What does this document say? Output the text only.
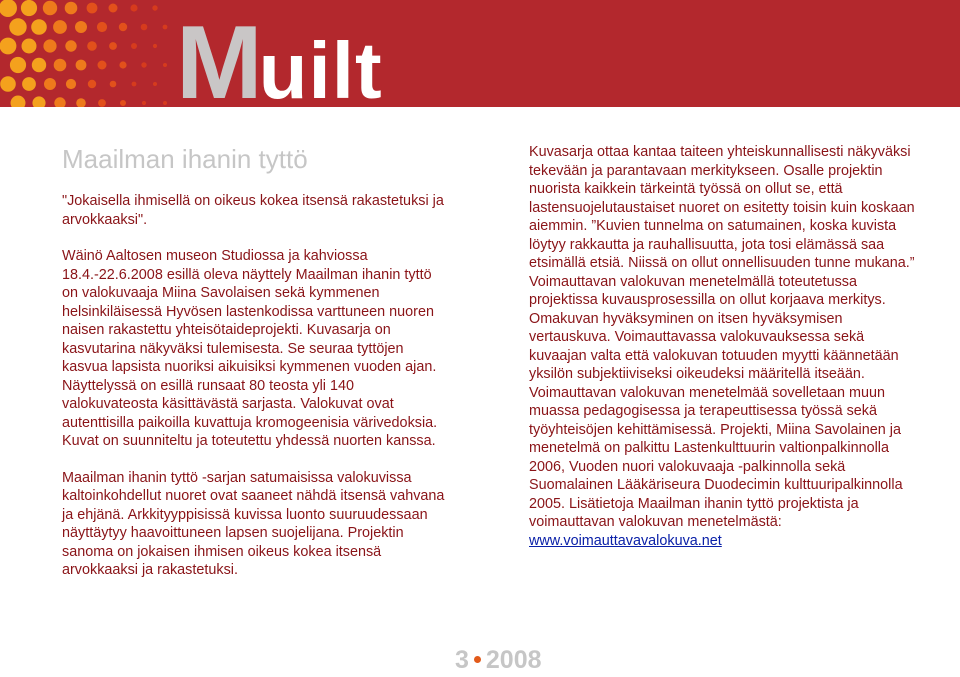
Muilt
Maailman ihanin tyttö

"Jokaisella ihmisellä on oikeus kokea itsensä rakastetuksi ja arvokkaaksi".

Wäinö Aaltosen museon Studiossa ja kahviossa 18.4.-22.6.2008 esillä oleva näyttely Maailman ihanin tyttö on valokuvaaja Miina Savolaisen sekä kymmenen helsinkiläisessä Hyvösen lastenkodissa varttuneen nuoren naisen rakastettu yhteisötaideprojekti. Kuvasarja on kasvutarina näkyväksi tulemisesta. Se seuraa tyttöjen kasvua lapsista nuoriksi aikuisiksi kymmenen vuoden ajan. Näyttelyssä on esillä runsaat 80 teosta yli 140 valokuvateosta käsittävästä sarjasta. Valokuvat ovat autenttisilla paikoilla kuvattuja kromogeenisia värivedoksia. Kuvat on suunniteltu ja toteutettu yhdessä nuorten kanssa.

Maailman ihanin tyttö -sarjan satumaisissa valokuvissa kaltoinkohdellut nuoret ovat saaneet nähdä itsensä vahvana ja ehjänä. Arkkityyppisissä kuvissa luonto suuruudessaan näyttäytyy haavoittuneen lapsen suojelijana. Projektin sanoma on jokaisen ihmisen oikeus kokea itsensä arvokkaaksi ja rakastetuksi.

Kuvasarja ottaa kantaa taiteen yhteiskunnallisesti näkyväksi tekevään ja parantavaan merkitykseen. Osalle projektin nuorista kaikkein tärkeintä työssä on ollut se, että lastensuojelutaustaiset nuoret on esitetty toisin kuin koskaan aiemmin. ”Kuvien tunnelma on satumainen, koska kuvista löytyy rakkautta ja rauhallisuutta, jota tosi elämässä saa etsimällä etsiä. Niissä on ollut onnellisuuden tunne mukana.” Voimauttavan valokuvan menetelmällä toteutetussa projektissa kuvausprosessilla on ollut korjaava merkitys. Omakuvan hyväksyminen on itsen hyväksymisen vertauskuva. Voimauttavassa valokuvauksessa sekä kuvaajan valta että valokuvan totuuden myytti käännetään yksilön subjektiiviseksi oikeudeksi määritellä itseään. Voimauttavan valokuvan menetelmää sovelletaan muun muassa pedagogisessa ja terapeuttisessa työssä sekä työyhteisöjen kehittämisessä. Projekti, Miina Savolainen ja menetelmä on palkittu Lastenkulttuurin valtionpalkinnolla 2006, Vuoden nuori valokuvaaja -palkinnolla sekä Suomalainen Lääkäriseura Duodecimin kulttuuripalkinnolla 2005. Lisätietoja Maailman ihanin tyttö projektista ja voimauttavan valokuvan menetelmästä: www.voimauttavavalokuva.net

3 2008
